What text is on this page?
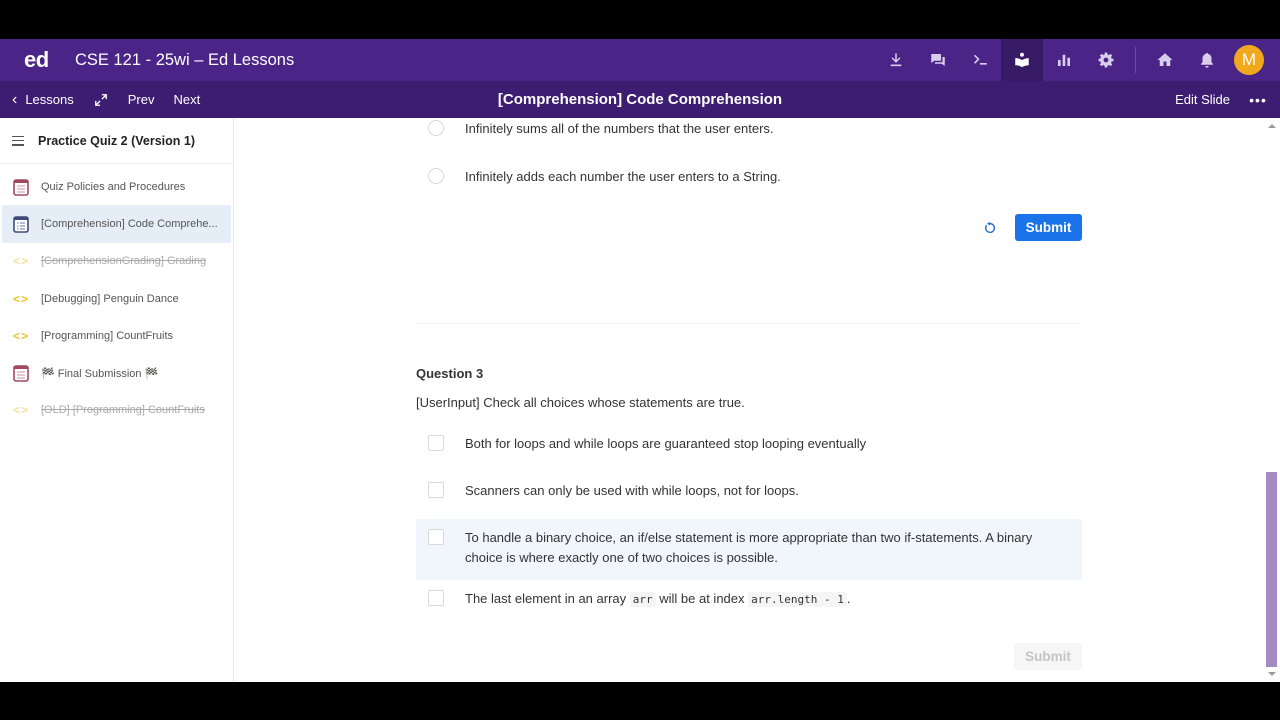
ed	CSE 121 - 25wi – Ed Lessons	M
[Comprehension] Code Comprehension
‹ Lessons	Prev Next	Edit Slide •••
Practice Quiz 2 (Version 1)
Quiz Policies and Procedures
[Comprehension] Code Comprehe...
<> [ComprehensionGrading] Grading
<> [Debugging] Penguin Dance
<> [Programming] CountFruits
🏁 Final Submission 🏁
<> [OLD] [Programming] CountFruits
Infinitely sums all of the numbers that the user enters.
Infinitely adds each number the user enters to a String.
Submit
Question 3
[UserInput] Check all choices whose statements are true.
Both for loops and while loops are guaranteed stop looping eventually
Scanners can only be used with while loops, not for loops.
To handle a binary choice, an if/else statement is more appropriate than two if-statements. A binary choice is where exactly one of two choices is possible.
The last element in an array arr will be at index arr.length - 1 .
Submit
